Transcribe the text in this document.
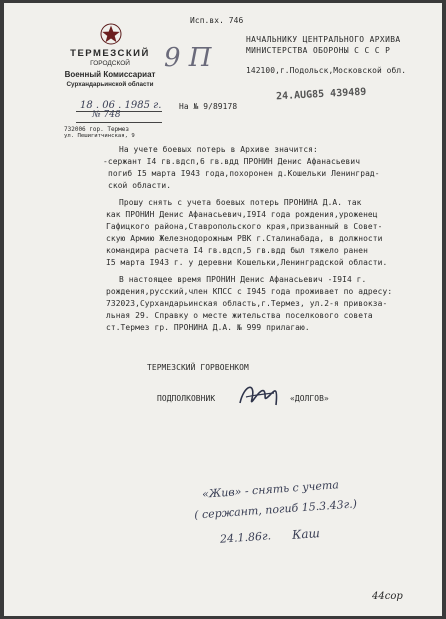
Исп.вх. 746
ТЕРМЕЗСКИЙ
ГОРОДСКОЙ
Военный Комиссариат
Сурхандарьинской области
18 . 06 . 1985 г.
№ 748
732006 гор. Термез
ул. Пешигитчинская, 9
На № 9/89178
9 П
НАЧАЛЬНИКУ ЦЕНТРАЛЬНОГО АРХИВА
МИНИСТЕРСТВА ОБОРОНЫ С С С Р
142100,г.Подольск,Московской обл.
24.AUG85 439489
На учете боевых потерь в Архиве значится:
-сержант I4 гв.вдсп,6 гв.вдд ПРОНИН Денис Афанасьевич
погиб I5 марта I943 года,похоронен д.Кошельки Ленинград-
ской области.
Прошу снять с учета боевых потерь ПРОНИНА Д.А. так
как ПРОНИН Денис Афанасьевич,I9I4 года рождения,уроженец
Гафицкого района,Ставропольского края,призванный в Совет-
скую Армию Железнодорожным РВК г.Сталинабада, в должности
командира расчета I4 гв.вдсп,5 гв.вдд был тяжело ранен
I5 марта I943 г. у деревни Кошельки,Ленинградской области.
В настоящее время ПРОНИН Денис Афанасьевич -I9I4 г.
рождения,русский,член КПСС с I945 года проживает по адресу:
732023,Сурхандарьинская область,г.Термез, ул.2-я привокза-
льная 29. Справку о месте жительства поселкового совета
ст.Термез гр. ПРОНИНА Д.А. № 999 прилагаю.
ТЕРМЕЗСКИЙ ГОРВОЕНКОМ
ПОДПОЛКОВНИК	«ДОЛГОВ»
«Жив» - снять с учета
( сержант, погиб 15.3.43г.)
24.1.86г. Каш
44сор
